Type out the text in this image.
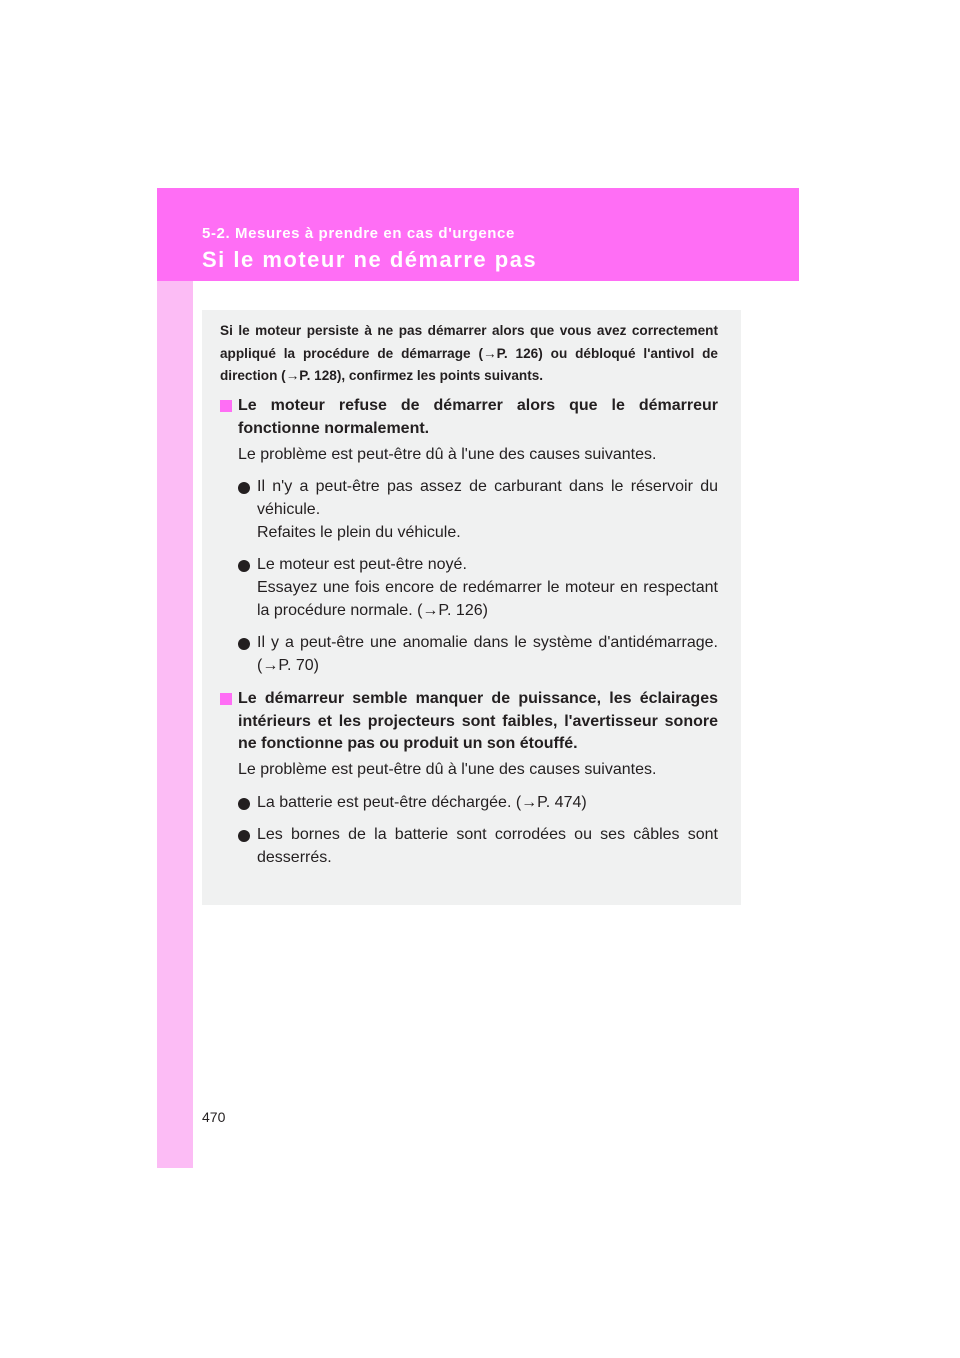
5-2. Mesures à prendre en cas d'urgence
Si le moteur ne démarre pas

Si le moteur persiste à ne pas démarrer alors que vous avez correctement appliqué la procédure de démarrage (→P. 126) ou débloqué l'antivol de direction (→P. 128), confirmez les points suivants.

Le moteur refuse de démarrer alors que le démarreur fonctionne normalement.
Le problème est peut-être dû à l'une des causes suivantes.
Il n'y a peut-être pas assez de carburant dans le réservoir du véhicule.
Refaites le plein du véhicule.
Le moteur est peut-être noyé.
Essayez une fois encore de redémarrer le moteur en respectant la procédure normale. (→P. 126)
Il y a peut-être une anomalie dans le système d'antidémarrage. (→P. 70)
Le démarreur semble manquer de puissance, les éclairages intérieurs et les projecteurs sont faibles, l'avertisseur sonore ne fonctionne pas ou produit un son étouffé.
Le problème est peut-être dû à l'une des causes suivantes.
La batterie est peut-être déchargée. (→P. 474)
Les bornes de la batterie sont corrodées ou ses câbles sont desserrés.
470
